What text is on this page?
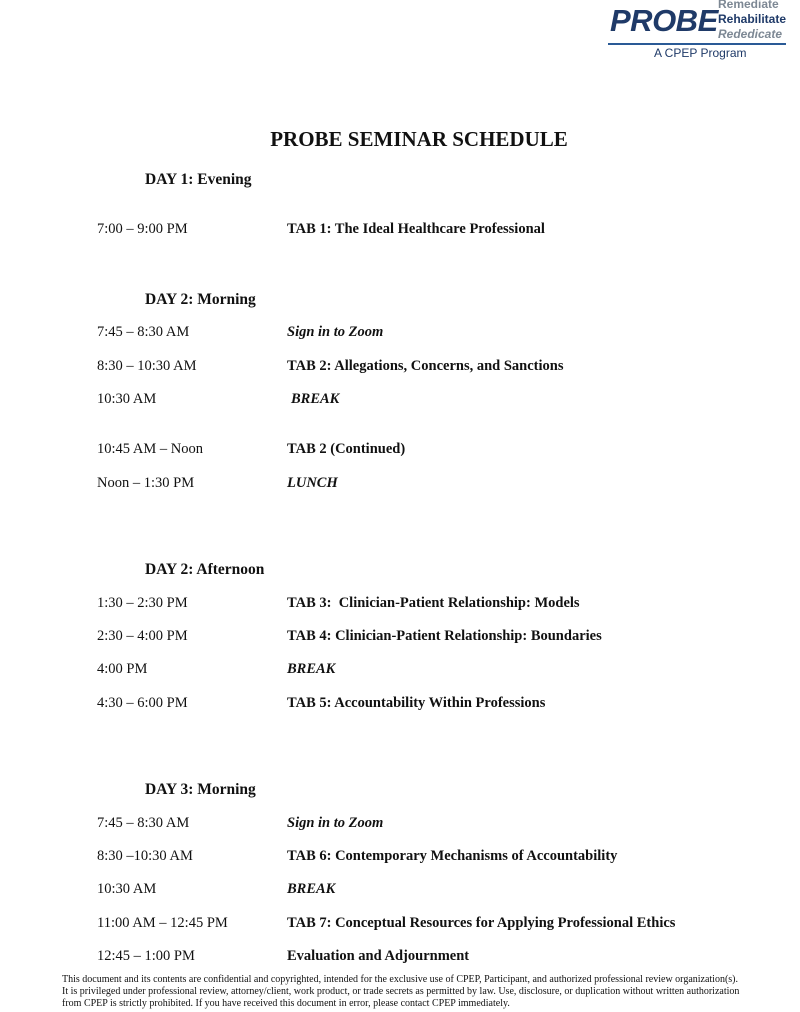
PROBE Remediate
Rehabilitate
Rededicate
A CPEP Program
PROBE SEMINAR SCHEDULE
DAY 1: Evening
7:00 – 9:00 PM	TAB 1: The Ideal Healthcare Professional
DAY 2: Morning
7:45 – 8:30 AM	Sign in to Zoom
8:30 – 10:30 AM	TAB 2: Allegations, Concerns, and Sanctions
10:30 AM	BREAK
10:45 AM – Noon	TAB 2 (Continued)
Noon – 1:30 PM	LUNCH
DAY 2: Afternoon
1:30 – 2:30 PM	TAB 3:  Clinician-Patient Relationship: Models
2:30 – 4:00 PM	TAB 4: Clinician-Patient Relationship: Boundaries
4:00 PM	BREAK
4:30 – 6:00 PM	TAB 5: Accountability Within Professions
DAY 3: Morning
7:45 – 8:30 AM	Sign in to Zoom
8:30 –10:30 AM	TAB 6: Contemporary Mechanisms of Accountability
10:30 AM	BREAK
11:00 AM – 12:45 PM	TAB 7: Conceptual Resources for Applying Professional Ethics
12:45 – 1:00 PM	Evaluation and Adjournment
This document and its contents are confidential and copyrighted, intended for the exclusive use of CPEP, Participant, and authorized professional review organization(s). It is privileged under professional review, attorney/client, work product, or trade secrets as permitted by law. Use, disclosure, or duplication without written authorization from CPEP is strictly prohibited. If you have received this document in error, please contact CPEP immediately.
